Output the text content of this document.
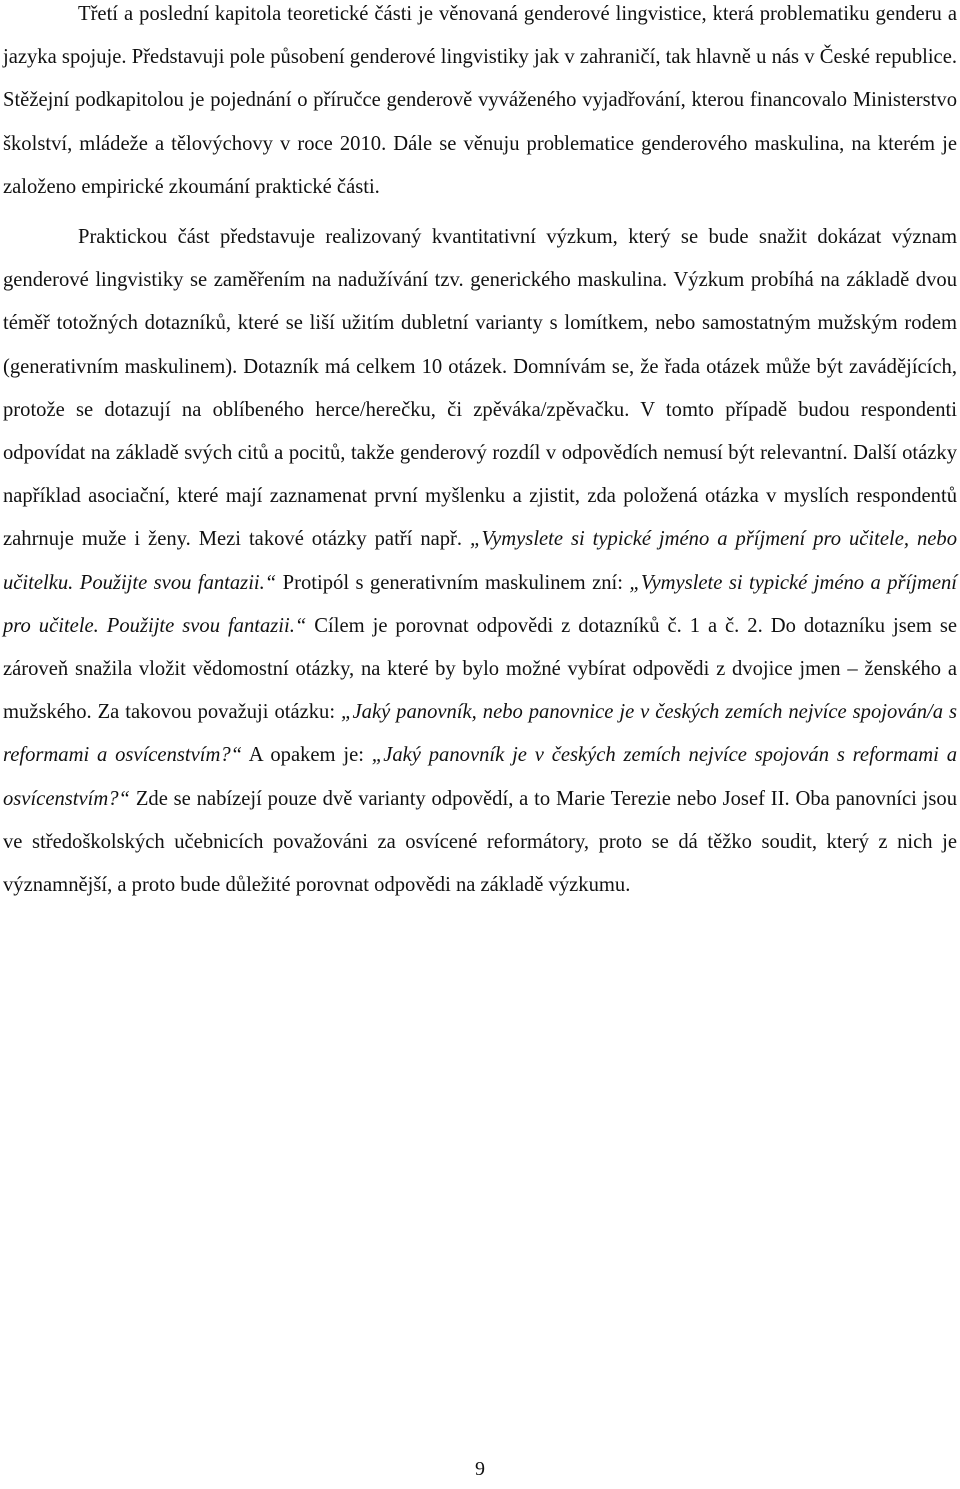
Třetí a poslední kapitola teoretické části je věnovaná genderové lingvistice, která problematiku genderu a jazyka spojuje. Představuji pole působení genderové lingvistiky jak v zahraničí, tak hlavně u nás v České republice. Stěžejní podkapitolou je pojednání o příručce genderově vyváženého vyjadřování, kterou financovalo Ministerstvo školství, mládeže a tělovýchovy v roce 2010. Dále se věnuju problematice genderového maskulina, na kterém je založeno empirické zkoumání praktické části.

Praktickou část představuje realizovaný kvantitativní výzkum, který se bude snažit dokázat význam genderové lingvistiky se zaměřením na nadužívání tzv. generického maskulina. Výzkum probíhá na základě dvou téměř totožných dotazníků, které se liší užitím dubletní varianty s lomítkem, nebo samostatným mužským rodem (generativním maskulinem). Dotazník má celkem 10 otázek. Domnívám se, že řada otázek může být zavádějících, protože se dotazují na oblíbeného herce/herečku, či zpěváka/zpěvačku. V tomto případě budou respondenti odpovídat na základě svých citů a pocitů, takže genderový rozdíl v odpovědích nemusí být relevantní. Další otázky například asociační, které mají zaznamenat první myšlenku a zjistit, zda položená otázka v myslích respondentů zahrnuje muže i ženy. Mezi takové otázky patří např. „Vymyslete si typické jméno a příjmení pro učitele, nebo učitelku. Použijte svou fantazii.“ Protipól s generativním maskulinem zní: „Vymyslete si typické jméno a příjmení pro učitele. Použijte svou fantazii.“ Cílem je porovnat odpovědi z dotazníků č. 1 a č. 2. Do dotazníku jsem se zároveň snažila vložit vědomostní otázky, na které by bylo možné vybírat odpovědi z dvojice jmen – ženského a mužského. Za takovou považuji otázku: „Jaký panovník, nebo panovnice je v českých zemích nejvíce spojován/a s reformami a osvícenstvím?“ A opakem je: „Jaký panovník je v českých zemích nejvíce spojován s reformami a osvícenstvím?“ Zde se nabízejí pouze dvě varianty odpovědí, a to Marie Terezie nebo Josef II. Oba panovníci jsou ve středoškolských učebnicích považováni za osvícené reformátory, proto se dá těžko soudit, který z nich je významnější, a proto bude důležité porovnat odpovědi na základě výzkumu.

9
